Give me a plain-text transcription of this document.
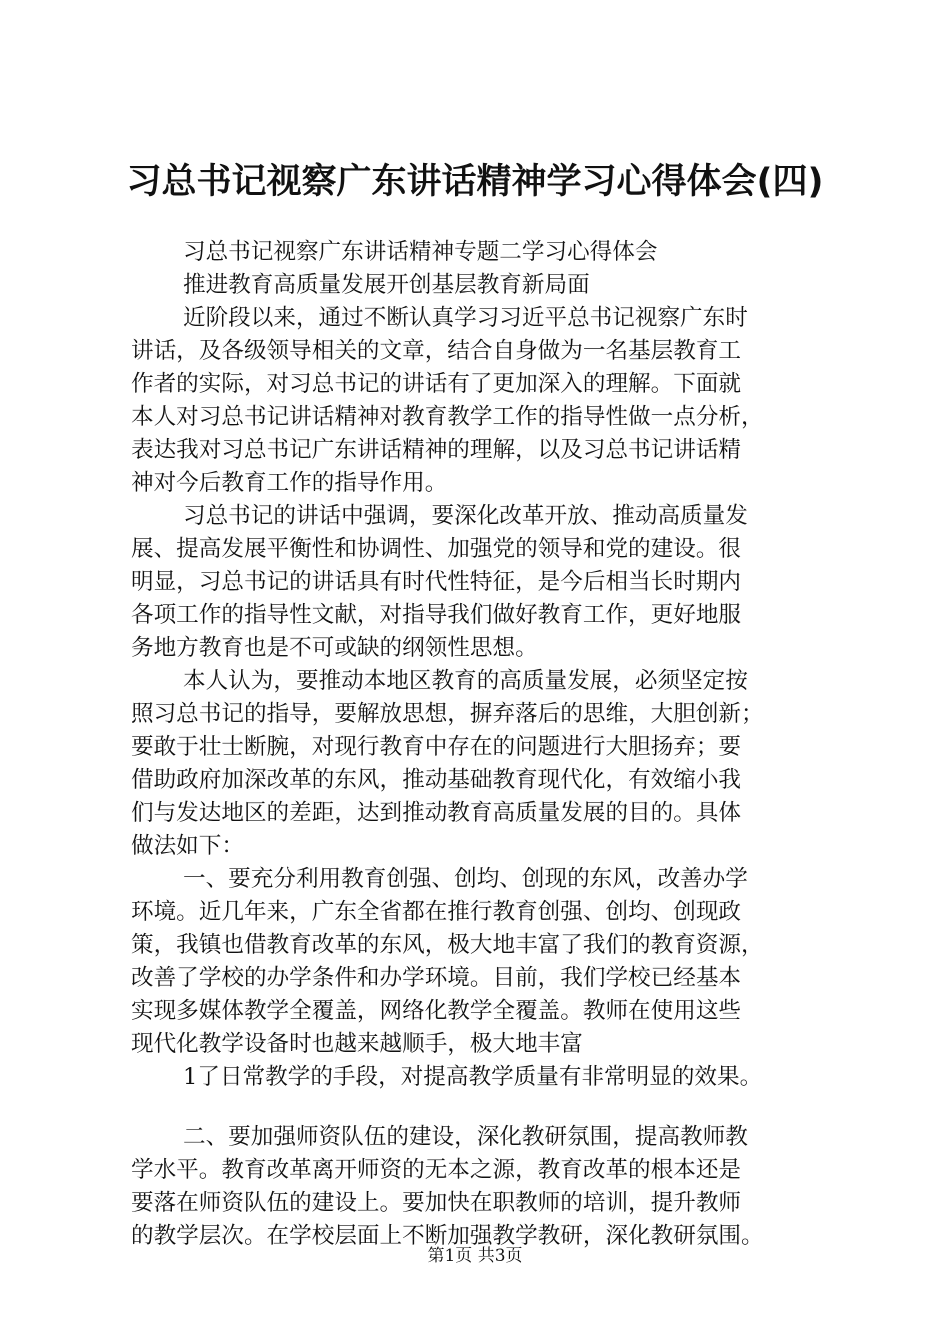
习总书记视察广东讲话精神学习心得体会(四)
习总书记视察广东讲话精神专题二学习心得体会
推进教育高质量发展开创基层教育新局面
近阶段以来，通过不断认真学习习近平总书记视察广东时
讲话，及各级领导相关的文章，结合自身做为一名基层教育工
作者的实际，对习总书记的讲话有了更加深入的理解。下面就
本人对习总书记讲话精神对教育教学工作的指导性做一点分析，
表达我对习总书记广东讲话精神的理解，以及习总书记讲话精
神对今后教育工作的指导作用。
习总书记的讲话中强调，要深化改革开放、推动高质量发
展、提高发展平衡性和协调性、加强党的领导和党的建设。很
明显，习总书记的讲话具有时代性特征，是今后相当长时期内
各项工作的指导性文献，对指导我们做好教育工作，更好地服
务地方教育也是不可或缺的纲领性思想。
本人认为，要推动本地区教育的高质量发展，必须坚定按
照习总书记的指导，要解放思想，摒弃落后的思维，大胆创新；
要敢于壮士断腕，对现行教育中存在的问题进行大胆扬弃；要
借助政府加深改革的东风，推动基础教育现代化，有效缩小我
们与发达地区的差距，达到推动教育高质量发展的目的。具体
做法如下：
一、要充分利用教育创强、创均、创现的东风，改善办学
环境。近几年来，广东全省都在推行教育创强、创均、创现政
策，我镇也借教育改革的东风，极大地丰富了我们的教育资源，
改善了学校的办学条件和办学环境。目前，我们学校已经基本
实现多媒体教学全覆盖，网络化教学全覆盖。教师在使用这些
现代化教学设备时也越来越顺手，极大地丰富
1了日常教学的手段，对提高教学质量有非常明显的效果。
二、要加强师资队伍的建设，深化教研氛围，提高教师教
学水平。教育改革离开师资的无本之源，教育改革的根本还是
要落在师资队伍的建设上。要加快在职教师的培训，提升教师
的教学层次。在学校层面上不断加强教学教研，深化教研氛围。
第1页 共3页
